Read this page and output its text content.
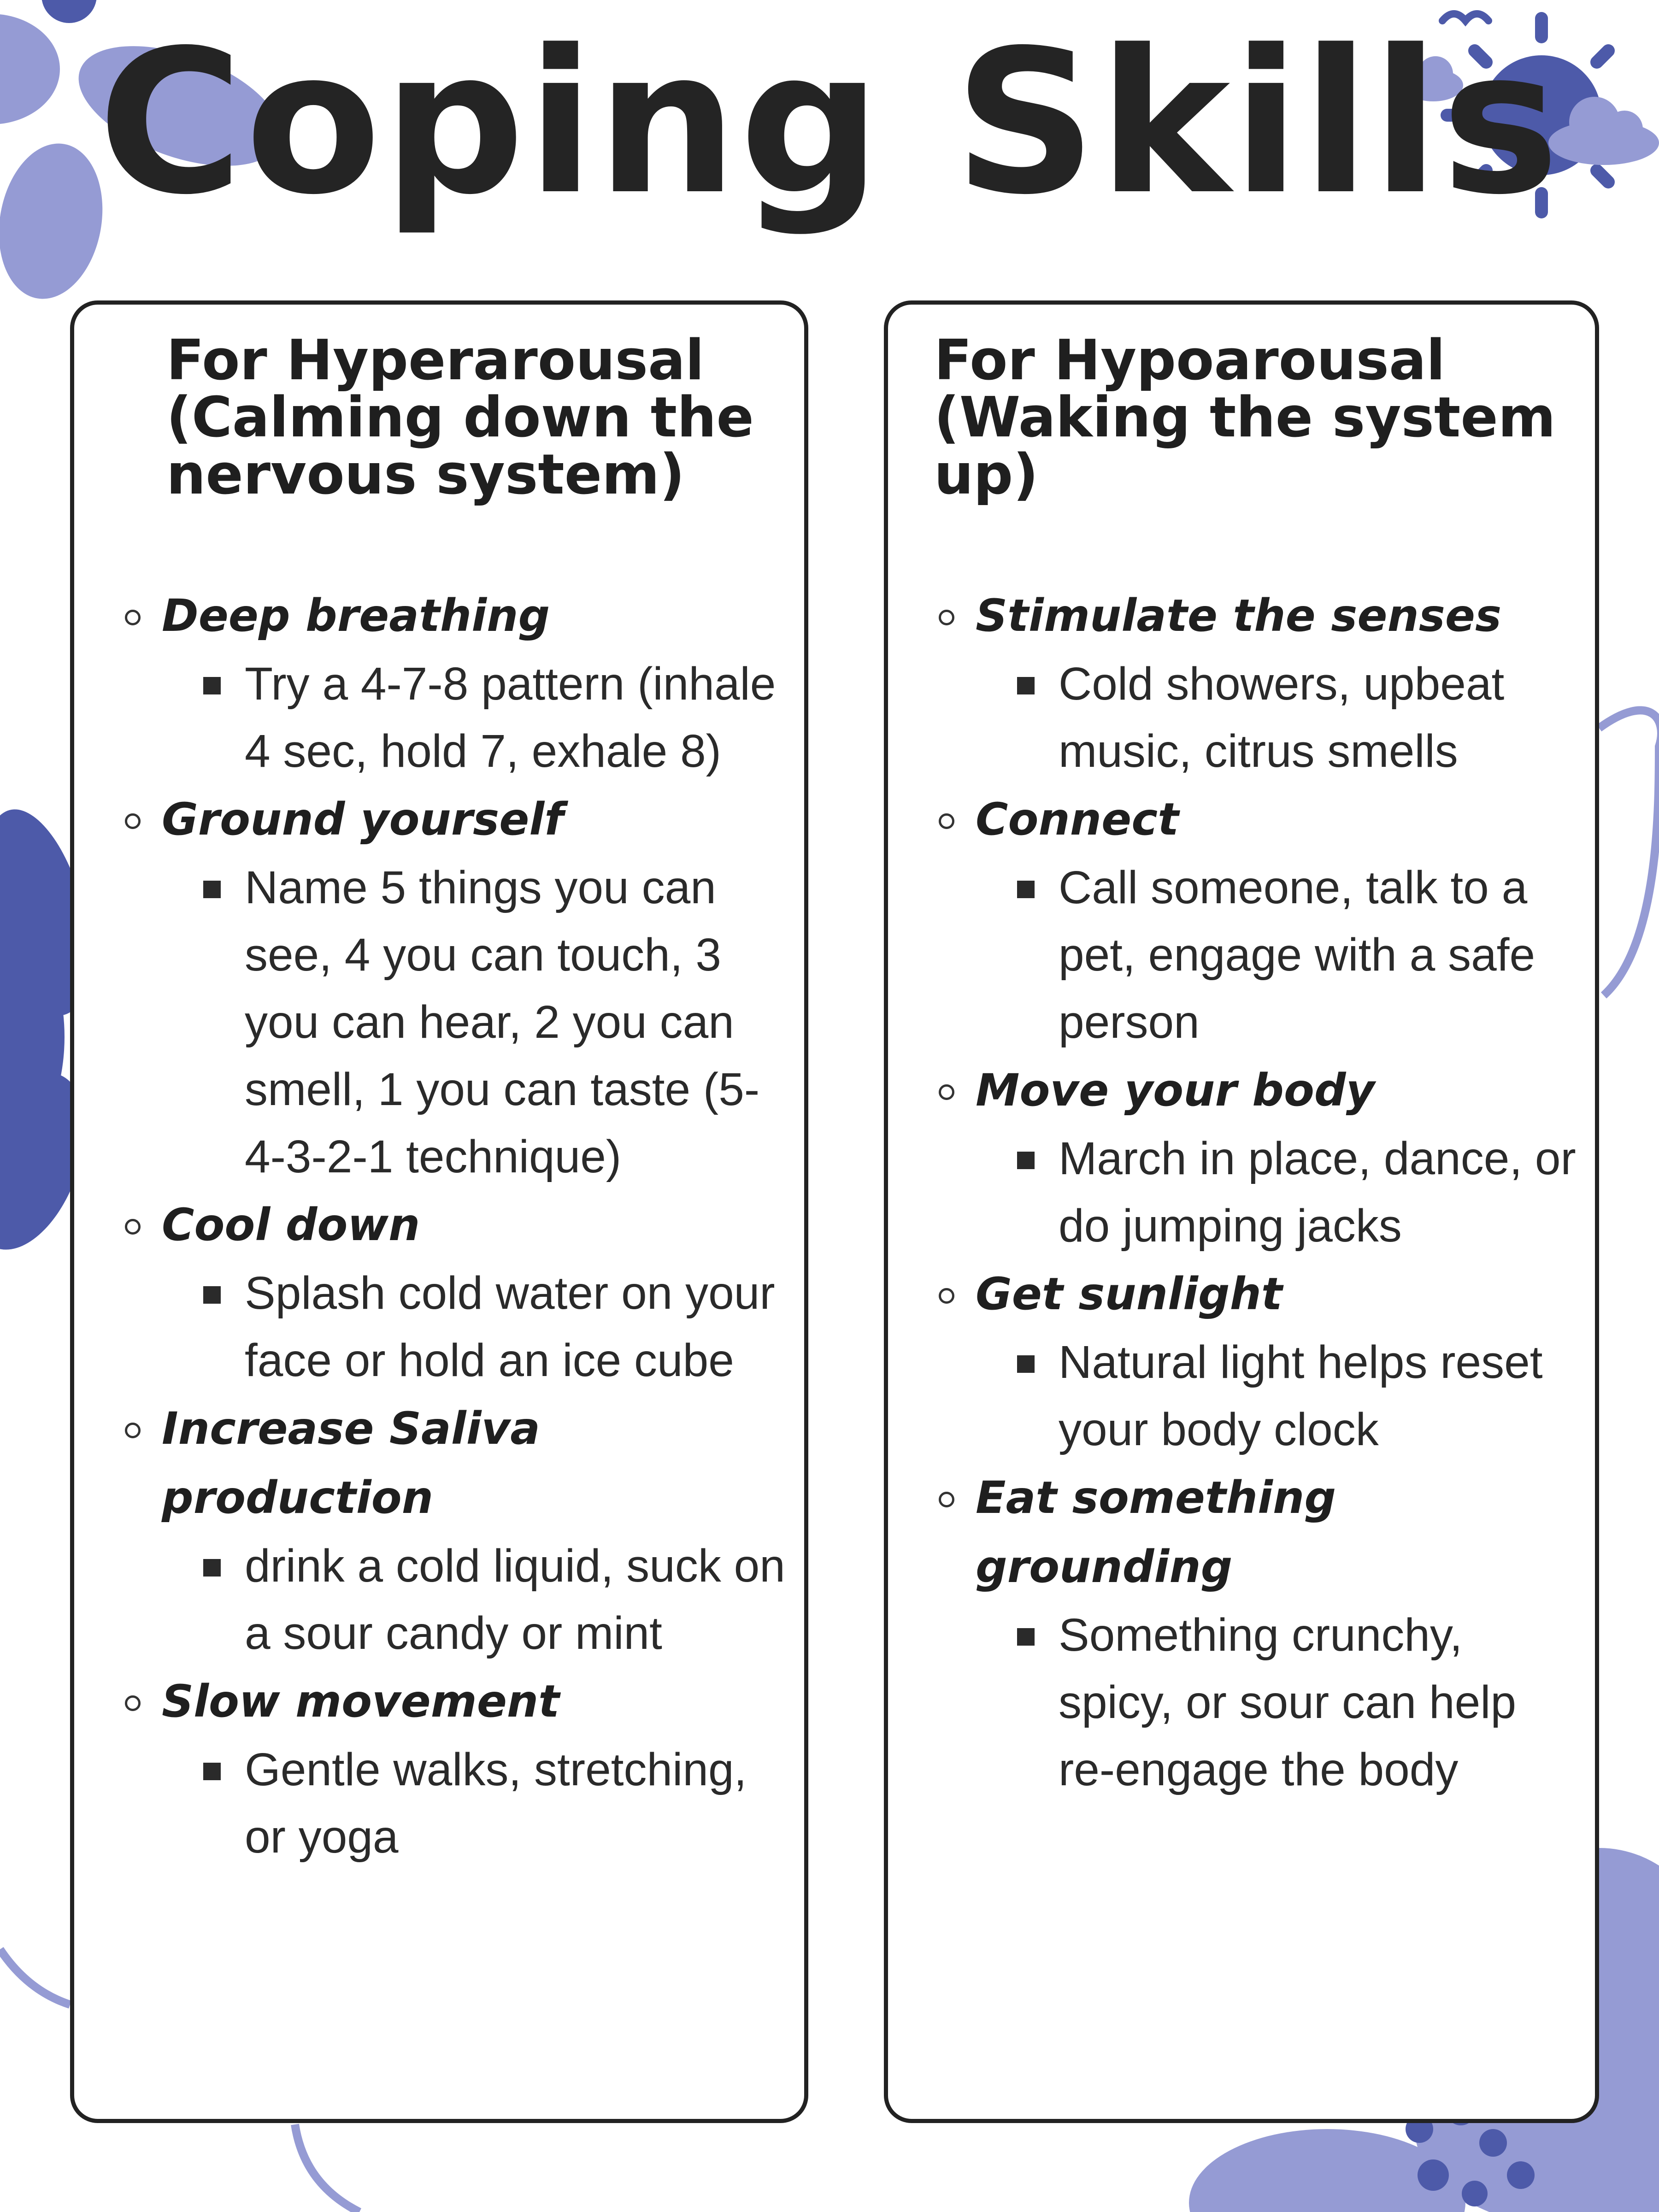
Coping Skills
For Hyperarousal (Calming down the nervous system)
Deep breathing
Try a 4-7-8 pattern (inhale 4 sec, hold 7, exhale 8)
Ground yourself
Name 5 things you can see, 4 you can touch, 3 you can hear, 2 you can smell, 1 you can taste (5-4-3-2-1 technique)
Cool down
Splash cold water on your face or hold an ice cube
Increase Saliva production
drink a cold liquid, suck on a sour candy or mint
Slow movement
Gentle walks, stretching, or yoga
For Hypoarousal (Waking the system up)
Stimulate the senses
Cold showers, upbeat music, citrus smells
Connect
Call someone, talk to a pet, engage with a safe person
Move your body
March in place, dance, or do jumping jacks
Get sunlight
Natural light helps reset your body clock
Eat something grounding
Something crunchy, spicy, or sour can help re-engage the body
